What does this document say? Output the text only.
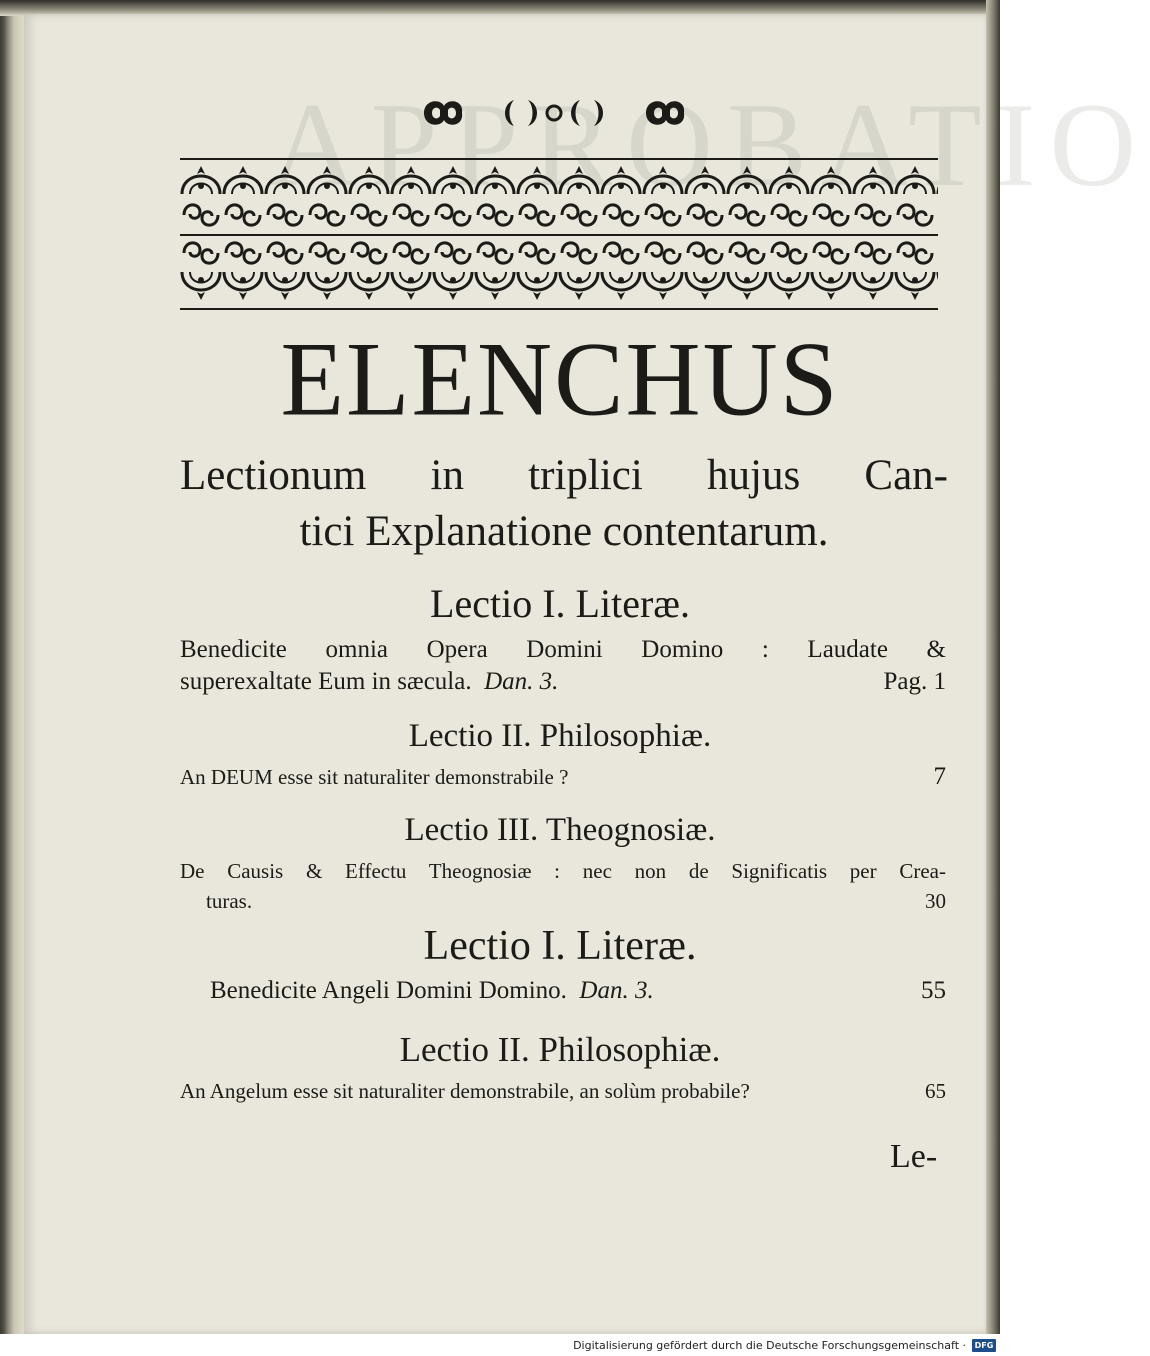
ELENCHUS
Lectionum in triplici hujus Can-
tici Explanatione contentarum.
Lectio I. Literæ.
Benedicite omnia Opera Domini Domino : Laudate &
superexaltate Eum in sæcula. Dan. 3.	Pag. 1
Lectio II. Philosophiæ.
An DEUM esse sit naturaliter demonstrabile ?	7
Lectio III. Theognosiæ.
De Causis & Effectu Theognosiæ : nec non de Significatis per Crea-
turas.	30
Lectio I. Literæ.
Benedicite Angeli Domini Domino. Dan. 3.	55
Lectio II. Philosophiæ.
An Angelum esse sit naturaliter demonstrabile, an solùm probabile?	65
Le-
Digitalisierung gefördert durch die Deutsche Forschungsgemeinschaft ·	DFG
